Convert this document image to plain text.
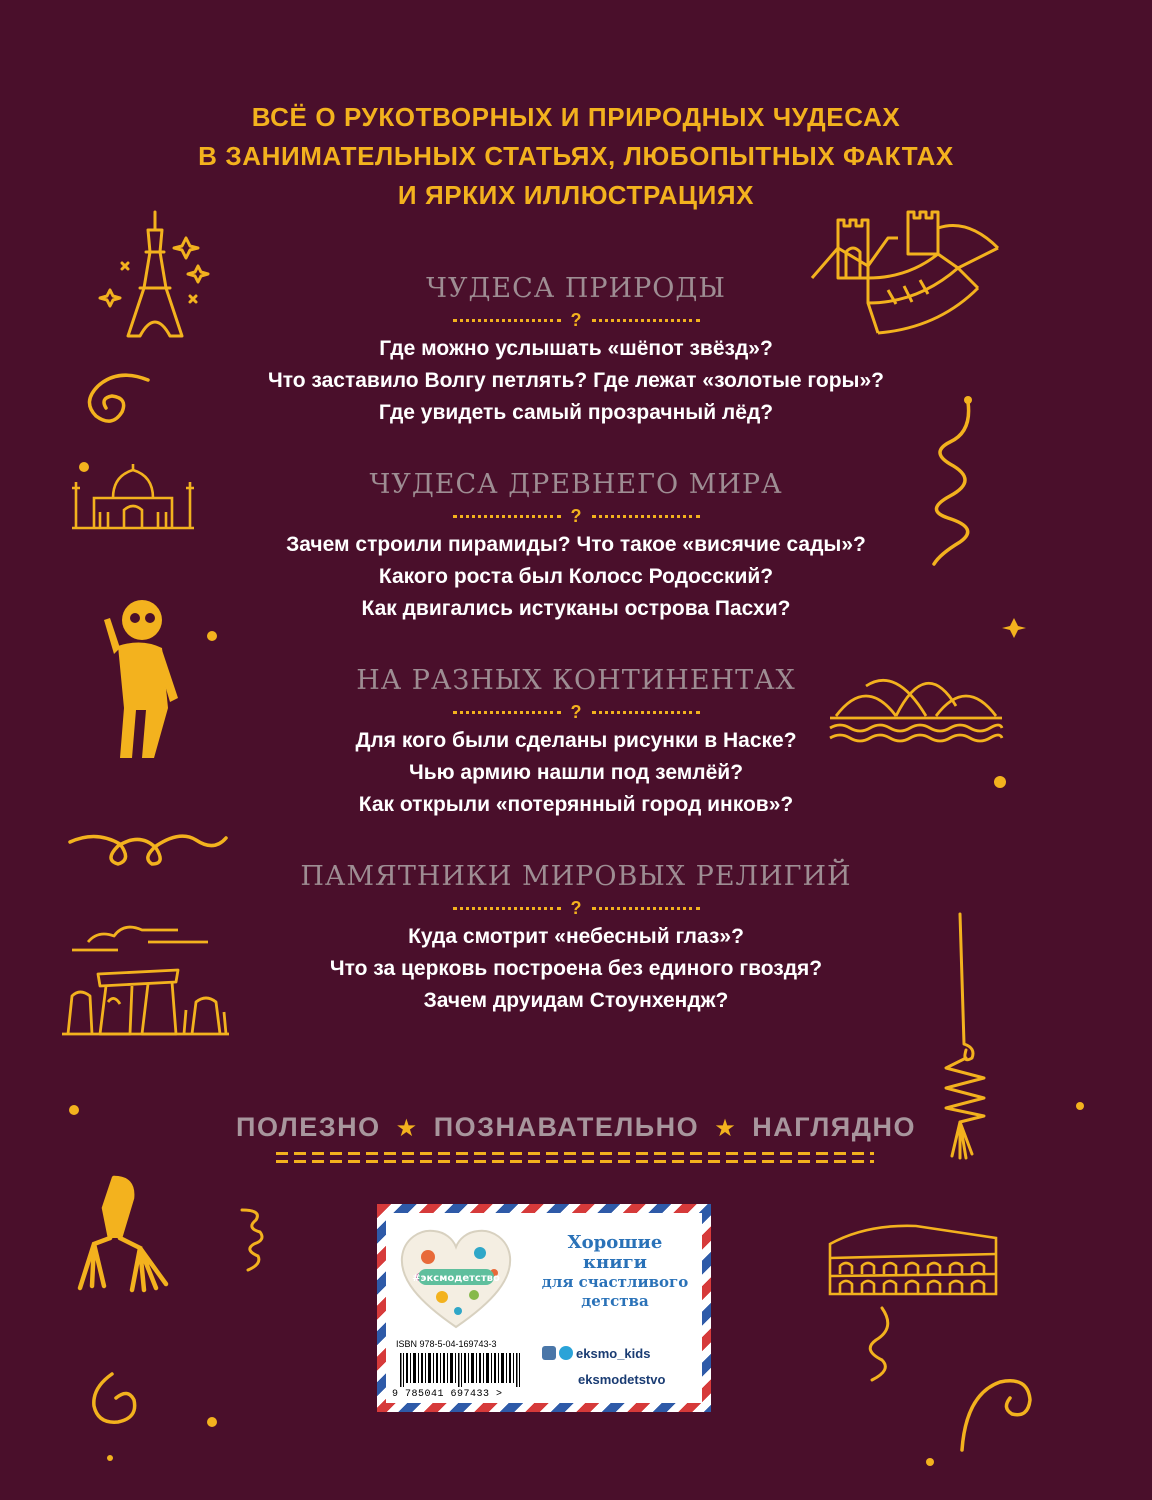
ВСЁ О РУКОТВОРНЫХ И ПРИРОДНЫХ ЧУДЕСАХ
В ЗАНИМАТЕЛЬНЫХ СТАТЬЯХ, ЛЮБОПЫТНЫХ ФАКТАХ
И ЯРКИХ ИЛЛЮСТРАЦИЯХ
ЧУДЕСА ПРИРОДЫ
?
Где можно услышать «шёпот звёзд»?
Что заставило Волгу петлять? Где лежат «золотые горы»?
Где увидеть самый прозрачный лёд?
ЧУДЕСА ДРЕВНЕГО МИРА
?
Зачем строили пирамиды? Что такое «висячие сады»?
Какого роста был Колосс Родосский?
Как двигались истуканы острова Пасхи?
НА РАЗНЫХ КОНТИНЕНТАХ
?
Для кого были сделаны рисунки в Наске?
Чью армию нашли под землёй?
Как открыли «потерянный город инков»?
ПАМЯТНИКИ МИРОВЫХ РЕЛИГИЙ
?
Куда смотрит «небесный глаз»?
Что за церковь построена без единого гвоздя?
Зачем друидам Стоунхендж?
ПОЛЕЗНО ★ ПОЗНАВАТЕЛЬНО ★ НАГЛЯДНО
#эксмодетство
Хорошие
книги
для счастливого
детства
ISBN 978-5-04-169743-3
9 785041 697433 >
eksmo_kids
eksmodetstvo
